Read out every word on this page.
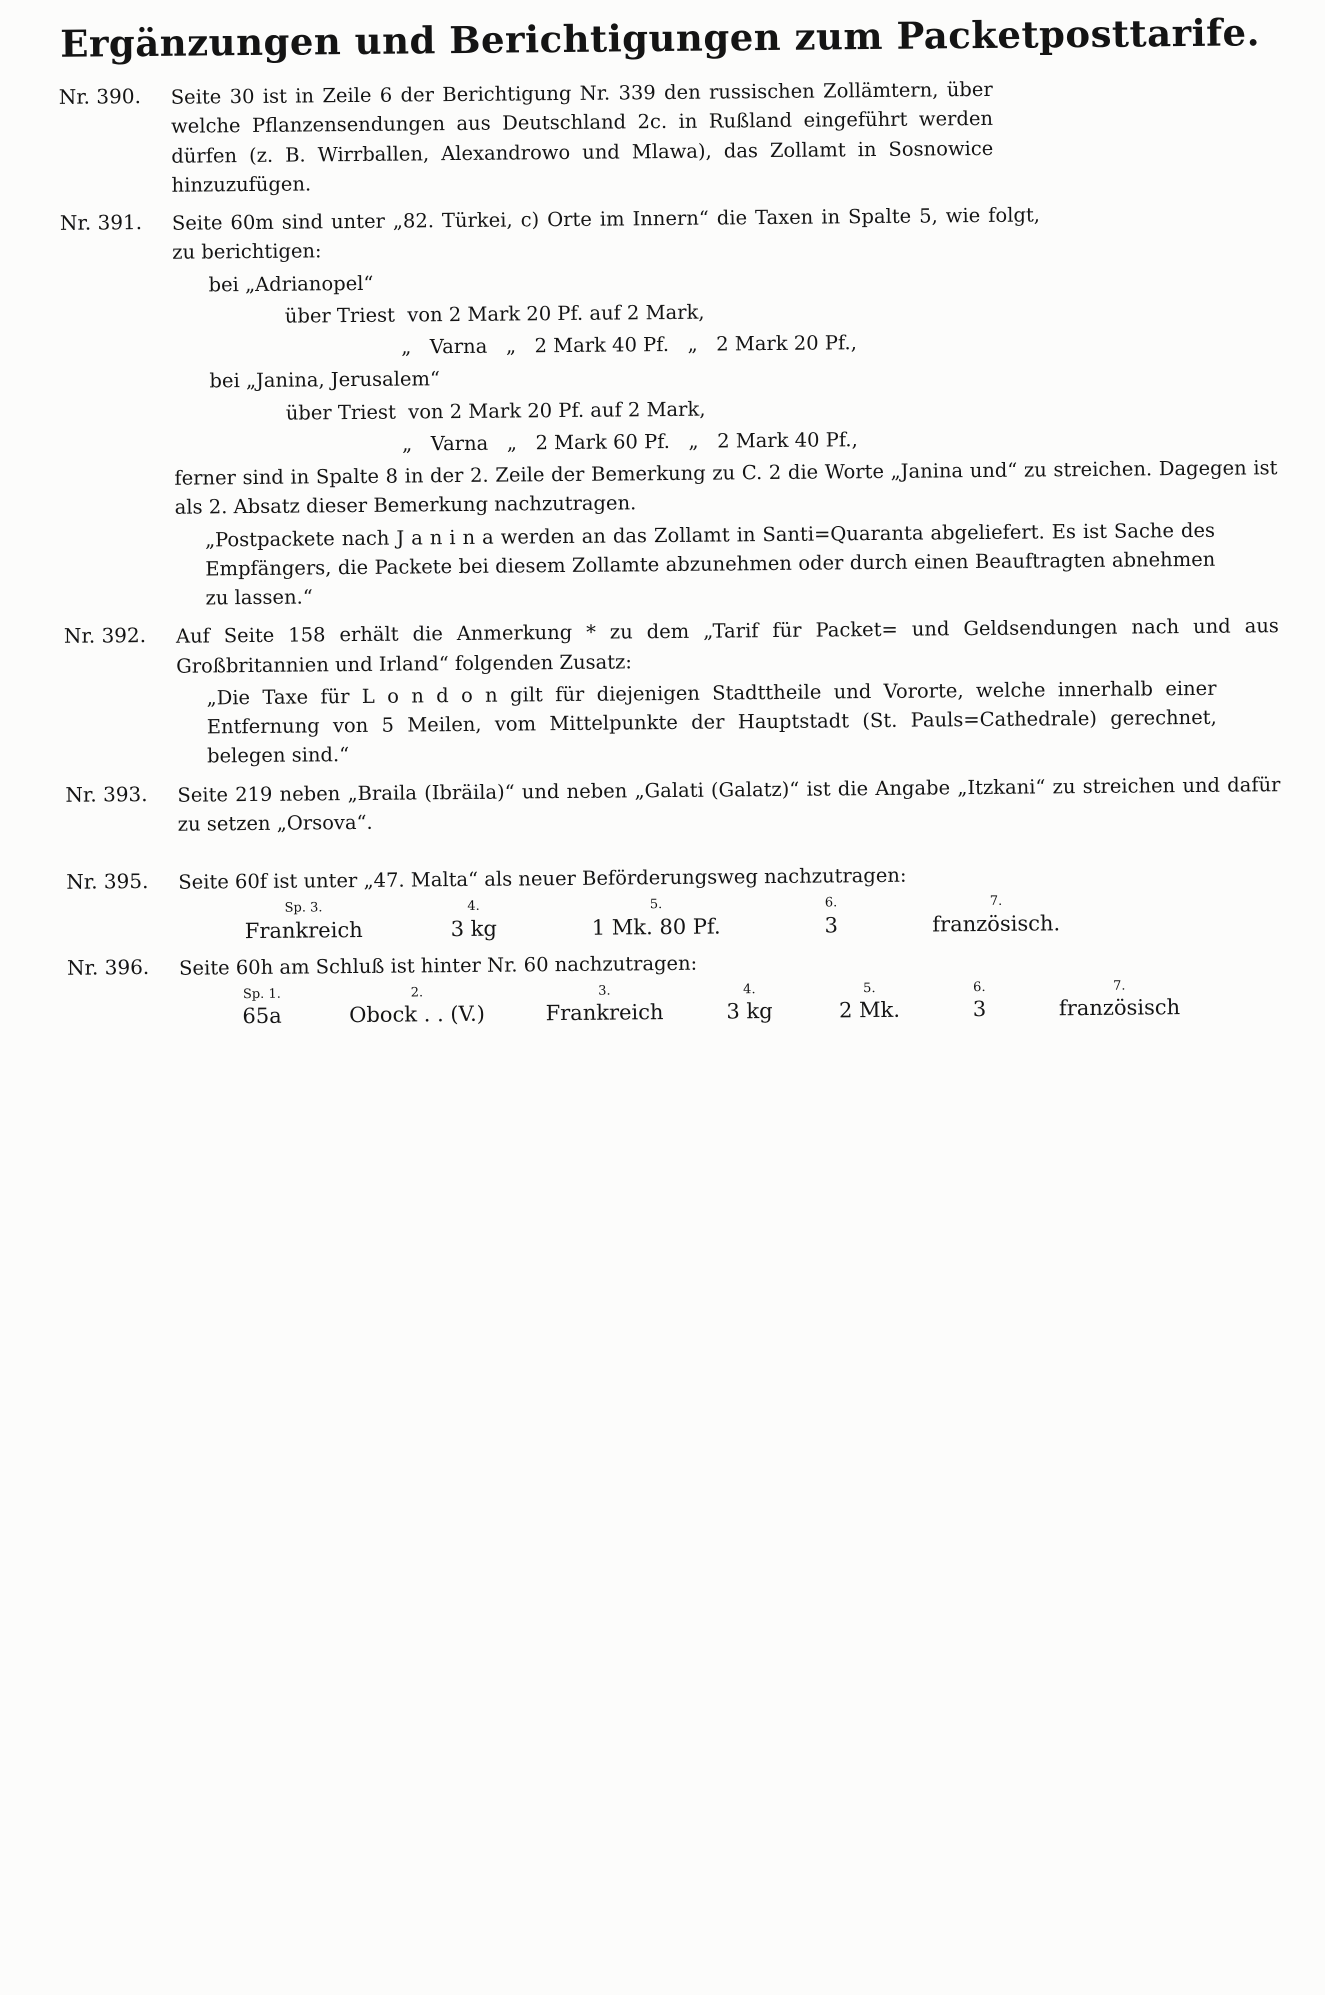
Ergänzungen und Berichtigungen zum Packetposttarife.
Nr. 390.	Seite 30 ist in Zeile 6 der Berichtigung Nr. 339 den russischen Zollämtern, über welche Pflanzensendungen aus Deutschland 2c. in Rußland eingeführt werden dürfen (z. B. Wirrballen, Alexandrowo und Mlawa), das Zollamt in Sosnowice hinzuzufügen.

Nr. 391.	Seite 60m sind unter „82. Türkei, c) Orte im Innern“ die Taxen in Spalte 5, wie folgt, zu berichtigen:

bei „Adrianopel“

über Triest  von 2 Mark 20 Pf. auf 2 Mark,

„   Varna   „   2 Mark 40 Pf.   „   2 Mark 20 Pf.,

bei „Janina, Jerusalem“

über Triest  von 2 Mark 20 Pf. auf 2 Mark,

„   Varna   „   2 Mark 60 Pf.   „   2 Mark 40 Pf.,

ferner sind in Spalte 8 in der 2. Zeile der Bemerkung zu C. 2 die Worte „Janina und“ zu streichen. Dagegen ist als 2. Absatz dieser Bemerkung nachzutragen.

„Postpackete nach J a n i n a werden an das Zollamt in Santi=Quaranta abgeliefert. Es ist Sache des Empfängers, die Packete bei diesem Zollamte abzunehmen oder durch einen Beauftragten abnehmen zu lassen.“

Nr. 392.	Auf Seite 158 erhält die Anmerkung * zu dem „Tarif für Packet= und Geldsendungen nach und aus Großbritannien und Irland“ folgenden Zusatz:

„Die Taxe für L o n d o n gilt für diejenigen Stadttheile und Vororte, welche innerhalb einer Entfernung von 5 Meilen, vom Mittelpunkte der Hauptstadt (St. Pauls=Cathedrale) gerechnet, belegen sind.“

Nr. 393.	Seite 219 neben „Braila (Ibräila)“ und neben „Galati (Galatz)“ ist die Angabe „Itzkani“ zu streichen und dafür zu setzen „Orsova“.

Nr. 395.	Seite 60f ist unter „47. Malta“ als neuer Beförderungsweg nachzutragen:

Sp. 3.	4.	5.	6.	7.
Frankreich	3 kg	1 Mk. 80 Pf.	3	französisch.
Nr. 396.	Seite 60h am Schluß ist hinter Nr. 60 nachzutragen:

Sp. 1.	2.	3.	4.	5.	6.	7.
65a	Obock . . (V.)	Frankreich	3 kg	2 Mk.	3	französisch
